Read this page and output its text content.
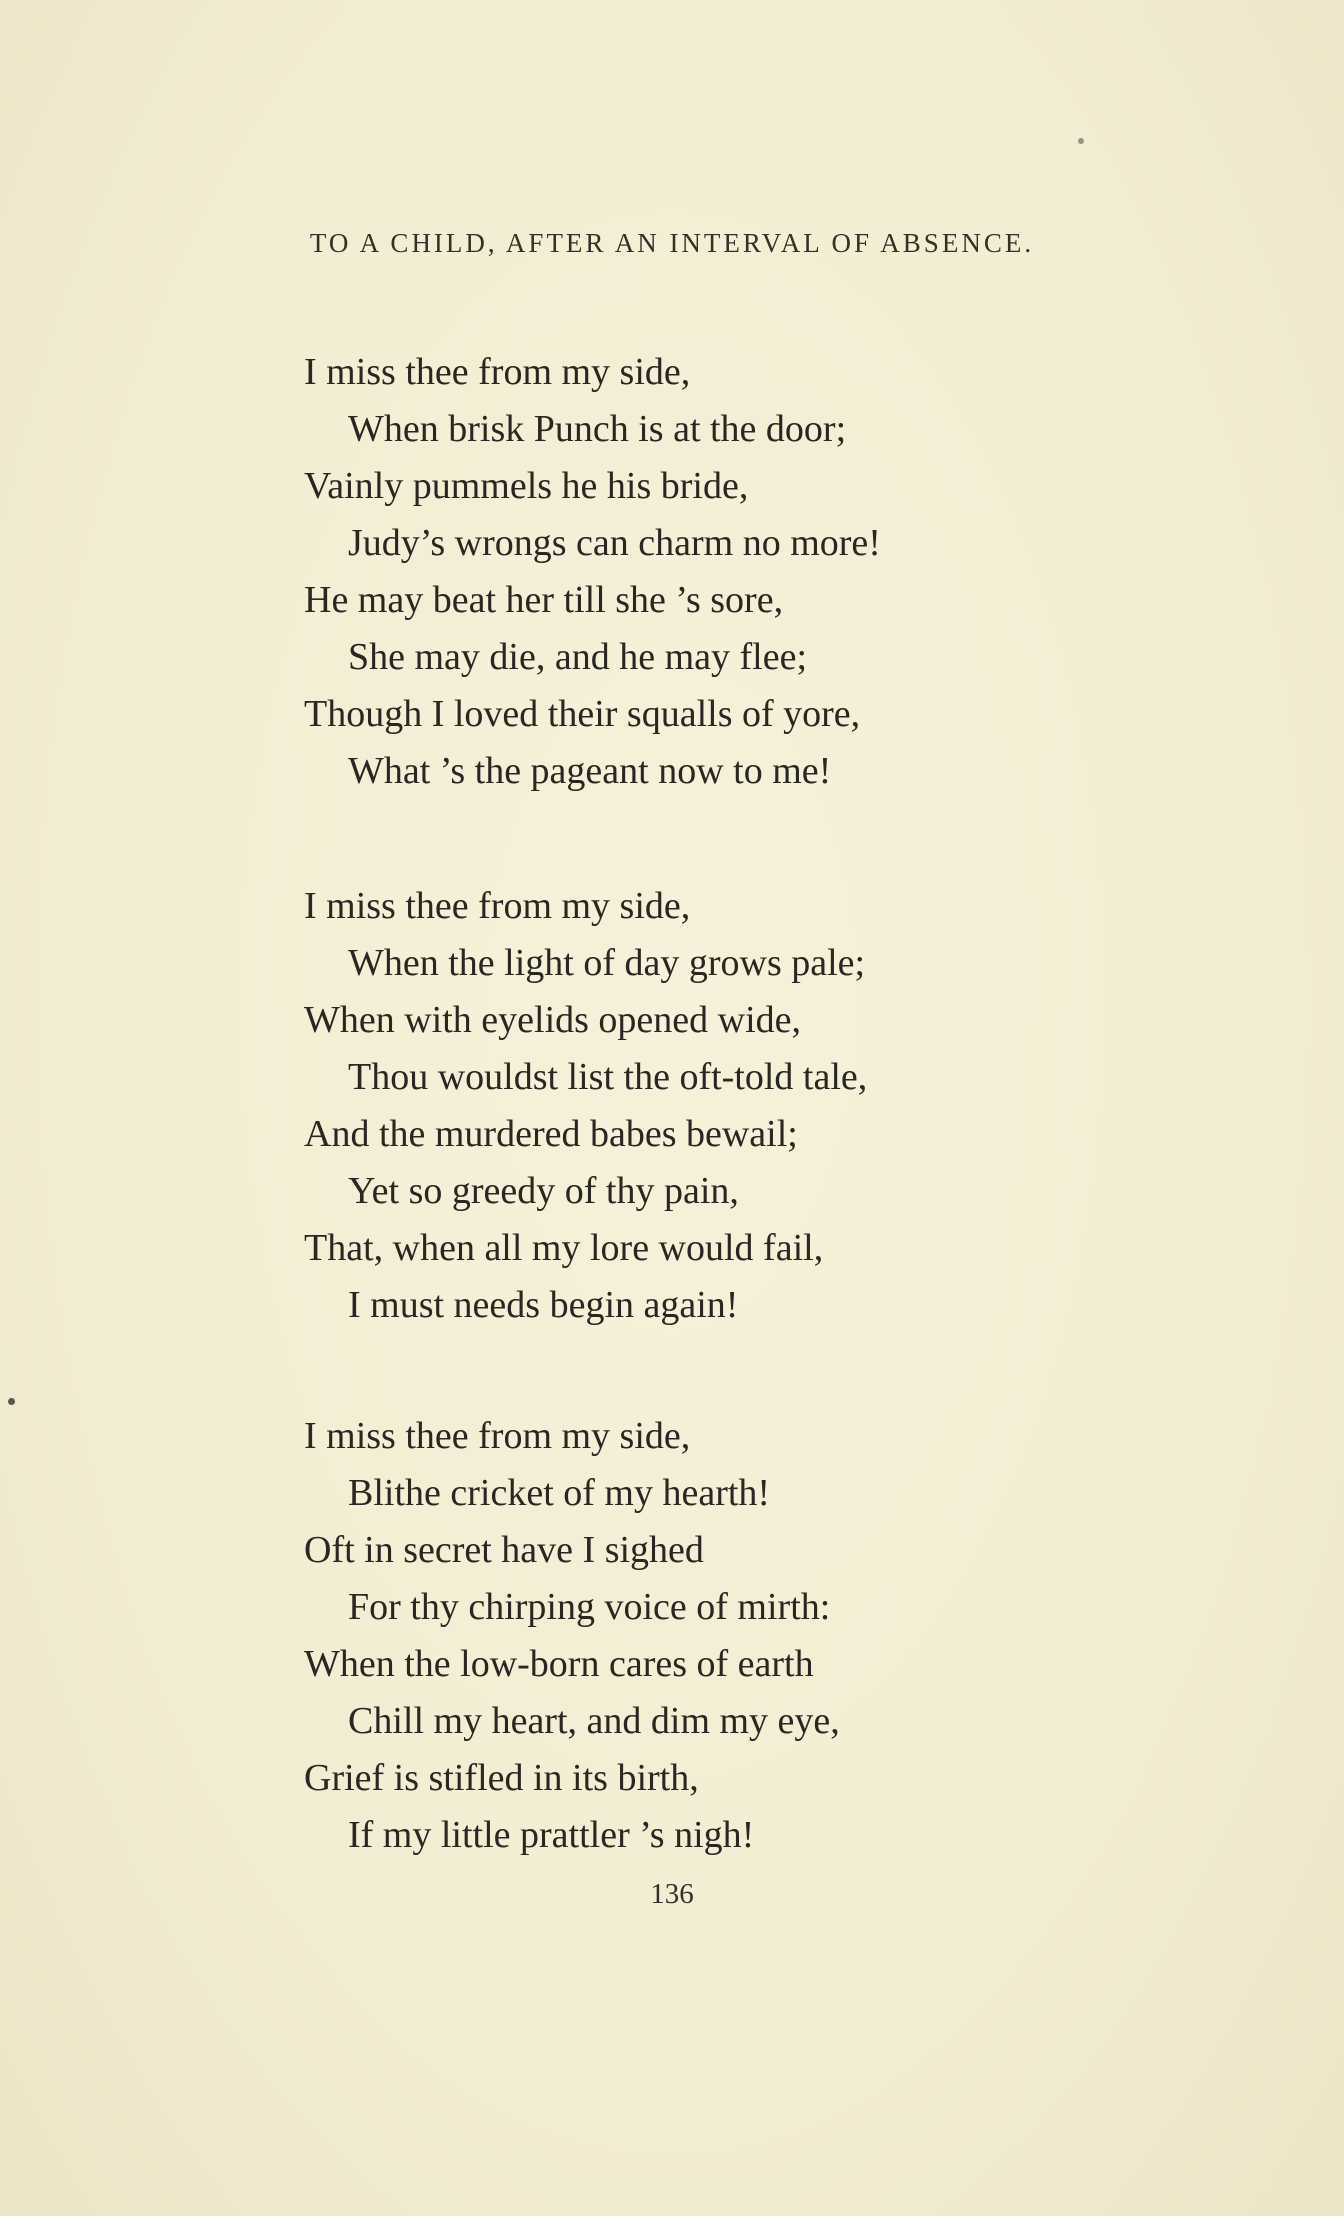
TO A CHILD, AFTER AN INTERVAL OF ABSENCE.
I miss thee from my side,
When brisk Punch is at the door;
Vainly pummels he his bride,
Judy’s wrongs can charm no more!
He may beat her till she ’s sore,
She may die, and he may flee;
Though I loved their squalls of yore,
What ’s the pageant now to me!
I miss thee from my side,
When the light of day grows pale;
When with eyelids opened wide,
Thou wouldst list the oft-told tale,
And the murdered babes bewail;
Yet so greedy of thy pain,
That, when all my lore would fail,
I must needs begin again!
I miss thee from my side,
Blithe cricket of my hearth!
Oft in secret have I sighed
For thy chirping voice of mirth:
When the low-born cares of earth
Chill my heart, and dim my eye,
Grief is stifled in its birth,
If my little prattler ’s nigh!
136
